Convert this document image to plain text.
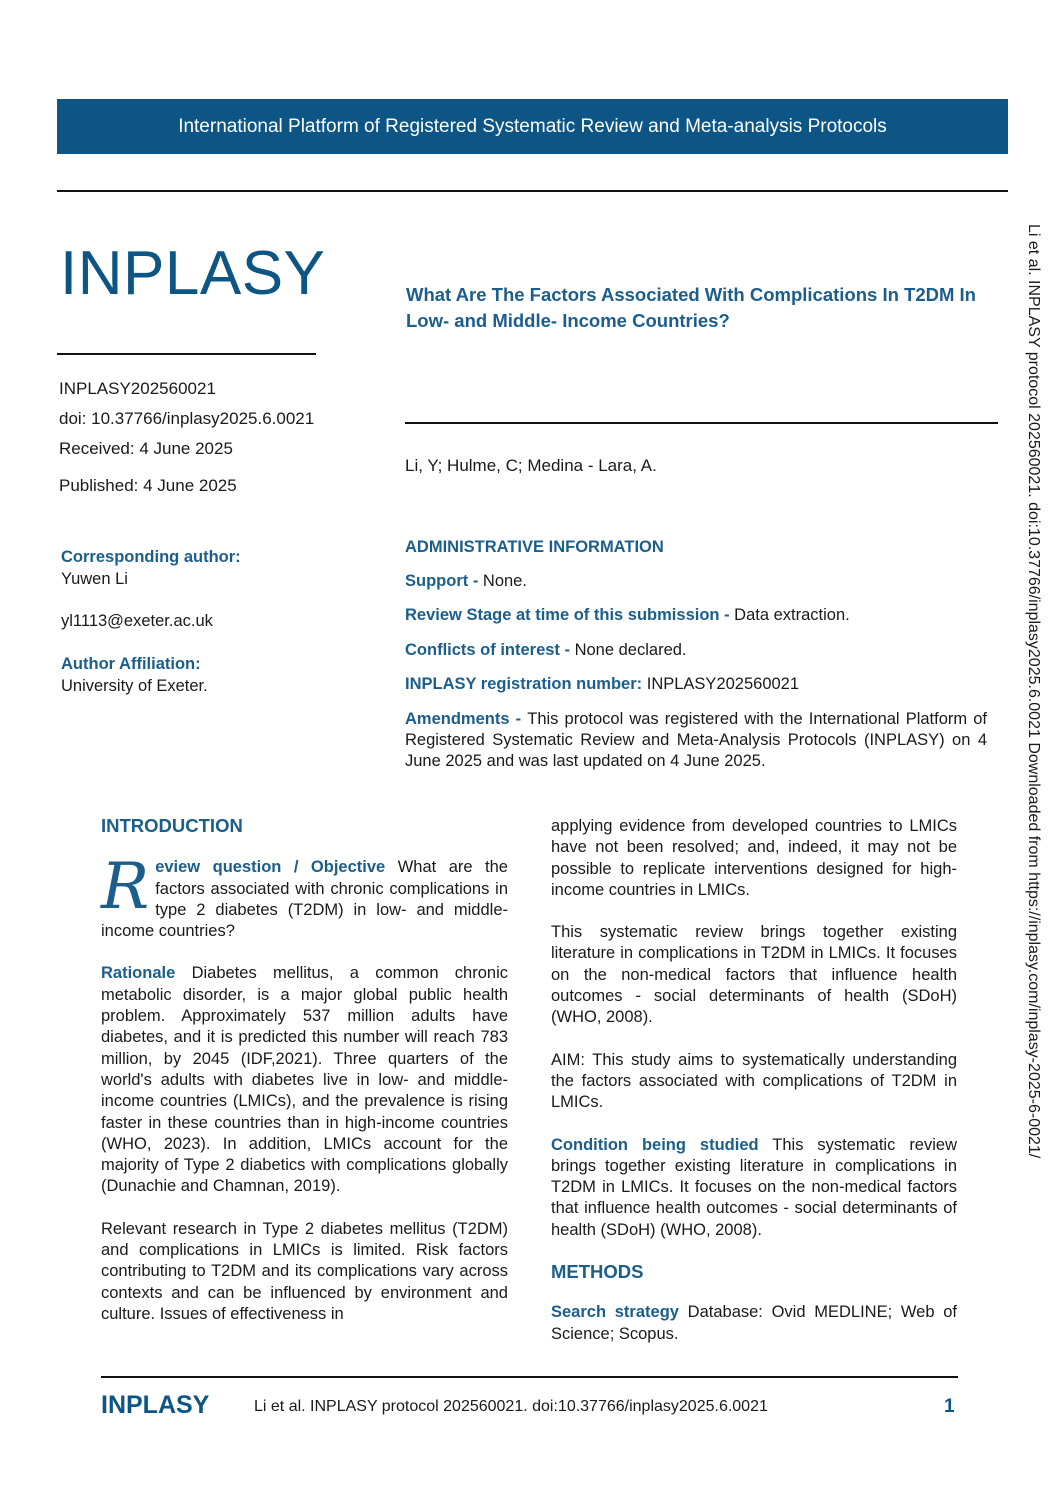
International Platform of Registered Systematic Review and Meta-analysis Protocols
INPLASY	What Are The Factors Associated With Complications In T2DM In Low- and Middle- Income Countries?
INPLASY202560021
doi: 10.37766/inplasy2025.6.0021
Received: 4 June 2025
Published: 4 June 2025
Li, Y; Hulme, C; Medina - Lara, A.
Corresponding author:
Yuwen Li
yl1113@exeter.ac.uk
Author Affiliation:
University of Exeter.
ADMINISTRATIVE INFORMATION
Support - None.
Review Stage at time of this submission - Data extraction.
Conflicts of interest - None declared.
INPLASY registration number: INPLASY202560021
Amendments - This protocol was registered with the International Platform of Registered Systematic Review and Meta-Analysis Protocols (INPLASY) on 4 June 2025 and was last updated on 4 June 2025.
INTRODUCTION

Review question / Objective What are the factors associated with chronic complications in type 2 diabetes (T2DM) in low- and middle- income countries?

Rationale Diabetes mellitus, a common chronic metabolic disorder, is a major global public health problem. Approximately 537 million adults have diabetes, and it is predicted this number will reach 783 million, by 2045 (IDF,2021). Three quarters of the world's adults with diabetes live in low- and middle-income countries (LMICs), and the prevalence is rising faster in these countries than in high-income countries (WHO, 2023). In addition, LMICs account for the majority of Type 2 diabetics with complications globally (Dunachie and Chamnan, 2019).

Relevant research in Type 2 diabetes mellitus (T2DM) and complications in LMICs is limited. Risk factors contributing to T2DM and its complications vary across contexts and can be influenced by environment and culture. Issues of effectiveness in

applying evidence from developed countries to LMICs have not been resolved; and, indeed, it may not be possible to replicate interventions designed for high-income countries in LMICs.

This systematic review brings together existing literature in complications in T2DM in LMICs. It focuses on the non-medical factors that influence health outcomes - social determinants of health (SDoH) (WHO, 2008).

AIM: This study aims to systematically understanding the factors associated with complications of T2DM in LMICs.

Condition being studied This systematic review brings together existing literature in complications in T2DM in LMICs. It focuses on the non-medical factors that influence health outcomes - social determinants of health (SDoH) (WHO, 2008).

METHODS

Search strategy Database: Ovid MEDLINE; Web of Science; Scopus.

Li et al. INPLASY protocol 202560021. doi:10.37766/inplasy2025.6.0021 Downloaded from https://inplasy.com/inplasy-2025-6-0021/
INPLASY	Li et al. INPLASY protocol 202560021. doi:10.37766/inplasy2025.6.0021	1
